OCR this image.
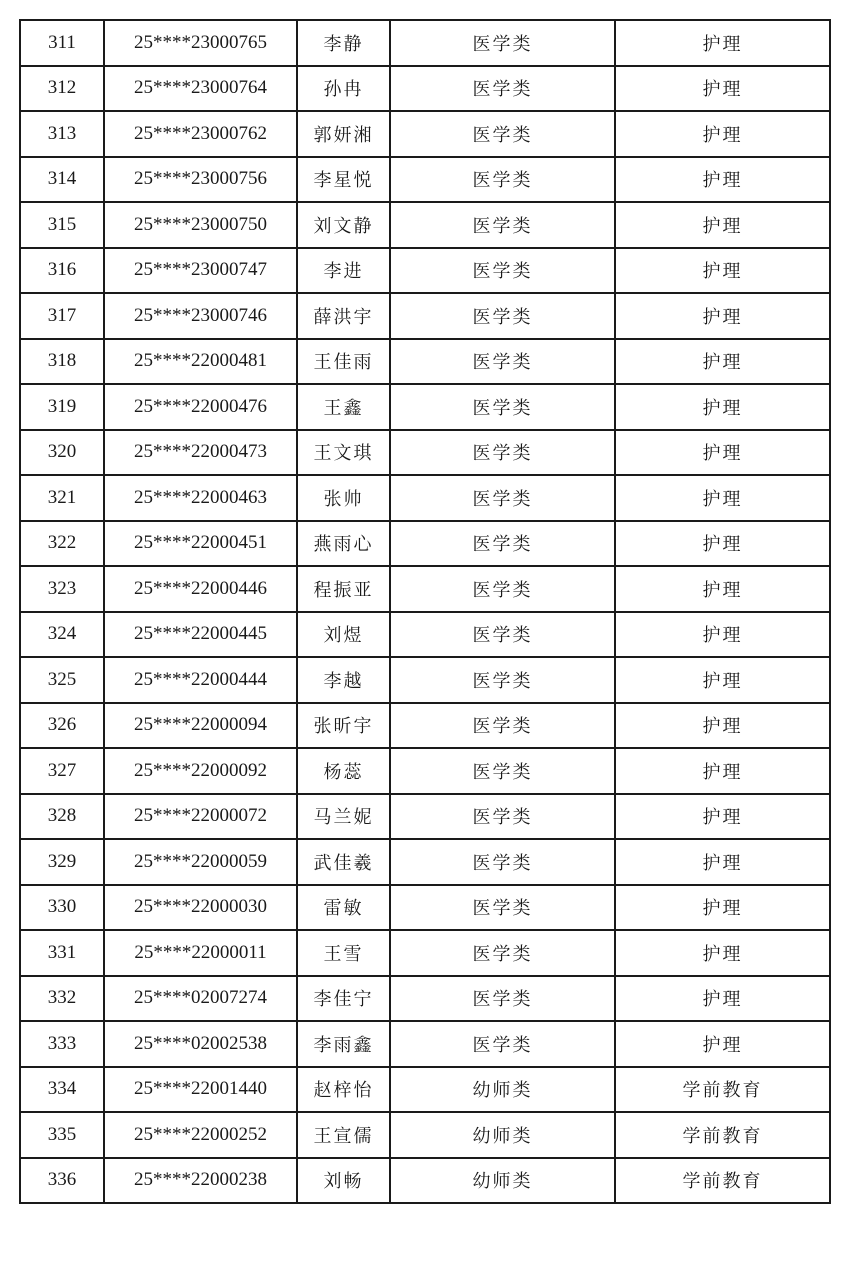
311	25****23000765	李静	医学类	护理
312	25****23000764	孙冉	医学类	护理
313	25****23000762	郭妍湘	医学类	护理
314	25****23000756	李星悦	医学类	护理
315	25****23000750	刘文静	医学类	护理
316	25****23000747	李进	医学类	护理
317	25****23000746	薛洪宇	医学类	护理
318	25****22000481	王佳雨	医学类	护理
319	25****22000476	王鑫	医学类	护理
320	25****22000473	王文琪	医学类	护理
321	25****22000463	张帅	医学类	护理
322	25****22000451	燕雨心	医学类	护理
323	25****22000446	程振亚	医学类	护理
324	25****22000445	刘煜	医学类	护理
325	25****22000444	李越	医学类	护理
326	25****22000094	张昕宇	医学类	护理
327	25****22000092	杨蕊	医学类	护理
328	25****22000072	马兰妮	医学类	护理
329	25****22000059	武佳羲	医学类	护理
330	25****22000030	雷敏	医学类	护理
331	25****22000011	王雪	医学类	护理
332	25****02007274	李佳宁	医学类	护理
333	25****02002538	李雨鑫	医学类	护理
334	25****22001440	赵梓怡	幼师类	学前教育
335	25****22000252	王宣儒	幼师类	学前教育
336	25****22000238	刘畅	幼师类	学前教育
